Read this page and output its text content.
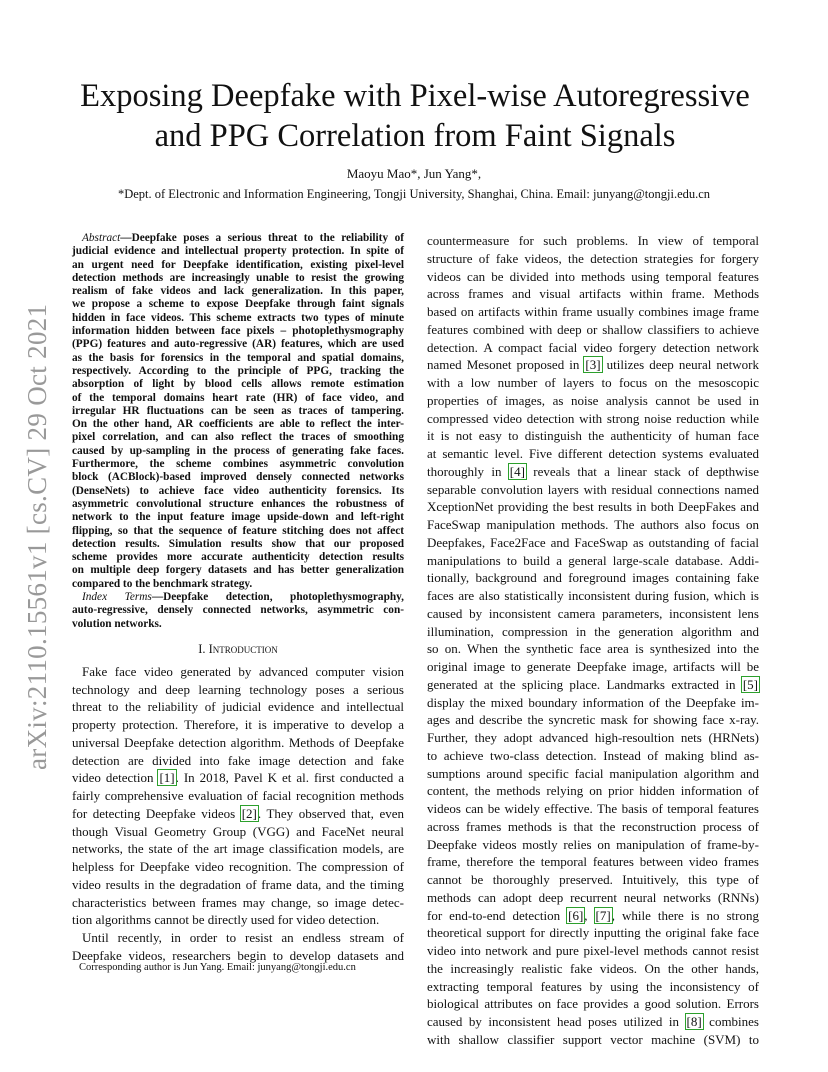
Exposing Deepfake with Pixel-wise Autoregressive
and PPG Correlation from Faint Signals
Maoyu Mao*, Jun Yang*,
*Dept. of Electronic and Information Engineering, Tongji University, Shanghai, China. Email: junyang@tongji.edu.cn
arXiv:2110.15561v1 [cs.CV] 29 Oct 2021
Abstract—Deepfake poses a serious threat to the reliability of
judicial evidence and intellectual property protection. In spite of
an urgent need for Deepfake identification, existing pixel-level
detection methods are increasingly unable to resist the growing
realism of fake videos and lack generalization. In this paper,
we propose a scheme to expose Deepfake through faint signals
hidden in face videos. This scheme extracts two types of minute
information hidden between face pixels – photoplethysmography
(PPG) features and auto-regressive (AR) features, which are used
as the basis for forensics in the temporal and spatial domains,
respectively. According to the principle of PPG, tracking the
absorption of light by blood cells allows remote estimation
of the temporal domains heart rate (HR) of face video, and
irregular HR fluctuations can be seen as traces of tampering.
On the other hand, AR coefficients are able to reflect the inter-
pixel correlation, and can also reflect the traces of smoothing
caused by up-sampling in the process of generating fake faces.
Furthermore, the scheme combines asymmetric convolution
block (ACBlock)-based improved densely connected networks
(DenseNets) to achieve face video authenticity forensics. Its
asymmetric convolutional structure enhances the robustness of
network to the input feature image upside-down and left-right
flipping, so that the sequence of feature stitching does not affect
detection results. Simulation results show that our proposed
scheme provides more accurate authenticity detection results
on multiple deep forgery datasets and has better generalization
compared to the benchmark strategy.
Index Terms—Deepfake detection, photoplethysmography,
auto-regressive, densely connected networks, asymmetric con-
volution networks.
I. Introduction
Fake face video generated by advanced computer vision
technology and deep learning technology poses a serious
threat to the reliability of judicial evidence and intellectual
property protection. Therefore, it is imperative to develop a
universal Deepfake detection algorithm. Methods of Deepfake
detection are divided into fake image detection and fake
video detection [1]. In 2018, Pavel K et al. first conducted a
fairly comprehensive evaluation of facial recognition methods
for detecting Deepfake videos [2]. They observed that, even
though Visual Geometry Group (VGG) and FaceNet neural
networks, the state of the art image classification models, are
helpless for Deepfake video recognition. The compression of
video results in the degradation of frame data, and the timing
characteristics between frames may change, so image detec-
tion algorithms cannot be directly used for video detection.
Until recently, in order to resist an endless stream of
Deepfake videos, researchers begin to develop datasets and
countermeasure for such problems. In view of temporal
structure of fake videos, the detection strategies for forgery
videos can be divided into methods using temporal features
across frames and visual artifacts within frame. Methods
based on artifacts within frame usually combines image frame
features combined with deep or shallow classifiers to achieve
detection. A compact facial video forgery detection network
named Mesonet proposed in [3] utilizes deep neural network
with a low number of layers to focus on the mesoscopic
properties of images, as noise analysis cannot be used in
compressed video detection with strong noise reduction while
it is not easy to distinguish the authenticity of human face
at semantic level. Five different detection systems evaluated
thoroughly in [4] reveals that a linear stack of depthwise
separable convolution layers with residual connections named
XceptionNet providing the best results in both DeepFakes and
FaceSwap manipulation methods. The authors also focus on
Deepfakes, Face2Face and FaceSwap as outstanding of facial
manipulations to build a general large-scale database. Addi-
tionally, background and foreground images containing fake
faces are also statistically inconsistent during fusion, which is
caused by inconsistent camera parameters, inconsistent lens
illumination, compression in the generation algorithm and
so on. When the synthetic face area is synthesized into the
original image to generate Deepfake image, artifacts will be
generated at the splicing place. Landmarks extracted in [5]
display the mixed boundary information of the Deepfake im-
ages and describe the syncretic mask for showing face x-ray.
Further, they adopt advanced high-resoultion nets (HRNets)
to achieve two-class detection. Instead of making blind as-
sumptions around specific facial manipulation algorithm and
content, the methods relying on prior hidden information of
videos can be widely effective. The basis of temporal features
across frames methods is that the reconstruction process of
Deepfake videos mostly relies on manipulation of frame-by-
frame, therefore the temporal features between video frames
cannot be thoroughly preserved. Intuitively, this type of
methods can adopt deep recurrent neural networks (RNNs)
for end-to-end detection [6], [7], while there is no strong
theoretical support for directly inputting the original fake face
video into network and pure pixel-level methods cannot resist
the increasingly realistic fake videos. On the other hands,
extracting temporal features by using the inconsistency of
biological attributes on face provides a good solution. Errors
caused by inconsistent head poses utilized in [8] combines
with shallow classifier support vector machine (SVM) to
Corresponding author is Jun Yang. Email: junyang@tongji.edu.cn
